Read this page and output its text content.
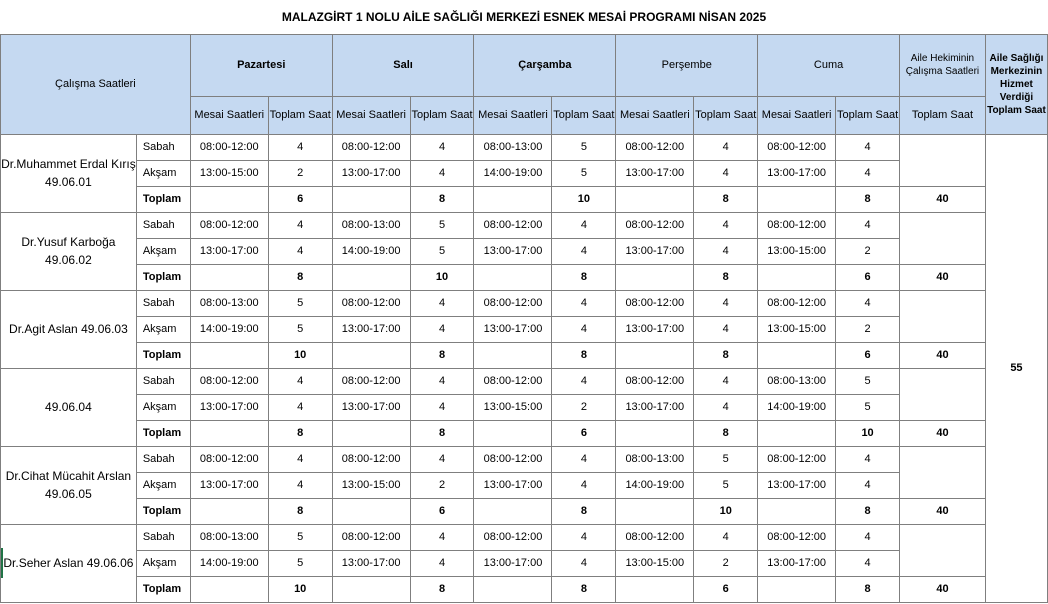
MALAZGİRT 1 NOLU AİLE SAĞLIĞI MERKEZİ ESNEK MESAİ PROGRAMI NİSAN 2025													
Çalışma Saatleri		Pazartesi		Salı		Çarşamba		Perşembe		Cuma		Aile Hekiminin Çalışma Saatleri	Aile Sağlığı Merkezinin Hizmet Verdiği Toplam Saat
		Mesai Saatleri	Toplam Saat	Mesai Saatleri	Toplam Saat	Mesai Saatleri	Toplam Saat	Mesai Saatleri	Toplam Saat	Mesai Saatleri	Toplam Saat	Toplam Saat	
Dr.Muhammet Erdal Kırış 49.06.01	Sabah	08:00-12:00	4	08:00-12:00	4	08:00-13:00	5	08:00-12:00	4	08:00-12:00	4		55
	Akşam	13:00-15:00	2	13:00-17:00	4	14:00-19:00	5	13:00-17:00	4	13:00-17:00	4		
	Toplam		6		8		10		8		8	40	
Dr.Yusuf Karboğa 49.06.02	Sabah	08:00-12:00	4	08:00-13:00	5	08:00-12:00	4	08:00-12:00	4	08:00-12:00	4		
	Akşam	13:00-17:00	4	14:00-19:00	5	13:00-17:00	4	13:00-17:00	4	13:00-15:00	2		
	Toplam		8		10		8		8		6	40	
Dr.Agit Aslan 49.06.03	Sabah	08:00-13:00	5	08:00-12:00	4	08:00-12:00	4	08:00-12:00	4	08:00-12:00	4		
	Akşam	14:00-19:00	5	13:00-17:00	4	13:00-17:00	4	13:00-17:00	4	13:00-15:00	2		
	Toplam		10		8		8		8		6	40	
49.06.04	Sabah	08:00-12:00	4	08:00-12:00	4	08:00-12:00	4	08:00-12:00	4	08:00-13:00	5		
	Akşam	13:00-17:00	4	13:00-17:00	4	13:00-15:00	2	13:00-17:00	4	14:00-19:00	5		
	Toplam		8		8		6		8		10	40	
Dr.Cihat Mücahit Arslan 49.06.05	Sabah	08:00-12:00	4	08:00-12:00	4	08:00-12:00	4	08:00-13:00	5	08:00-12:00	4		
	Akşam	13:00-17:00	4	13:00-15:00	2	13:00-17:00	4	14:00-19:00	5	13:00-17:00	4		
	Toplam		8		6		8		10		8	40	
Dr.Seher Aslan 49.06.06	Sabah	08:00-13:00	5	08:00-12:00	4	08:00-12:00	4	08:00-12:00	4	08:00-12:00	4		
	Akşam	14:00-19:00	5	13:00-17:00	4	13:00-17:00	4	13:00-15:00	2	13:00-17:00	4		
	Toplam		10		8		8		6		8	40	
